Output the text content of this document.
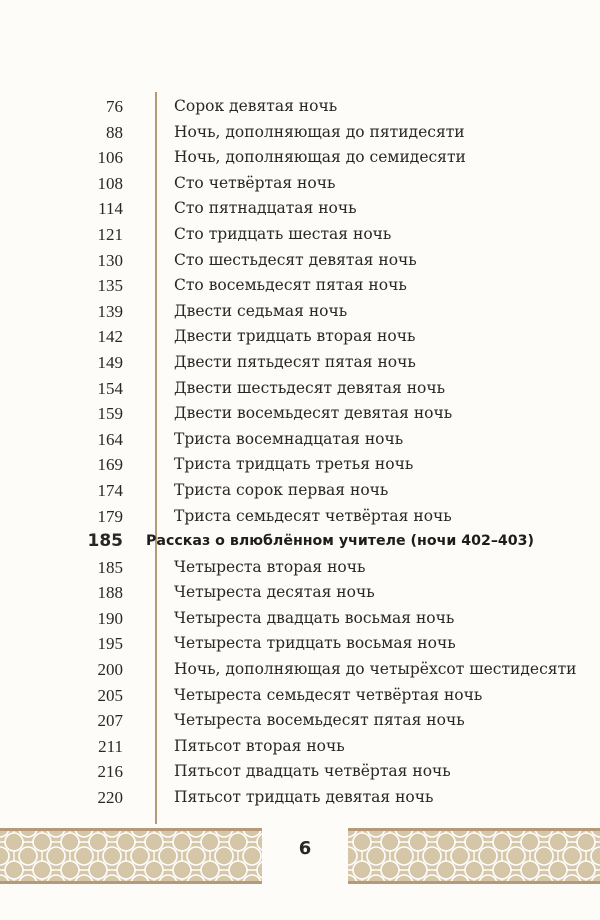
76	Сорок девятая ночь
88	Ночь, дополняющая до пятидесяти
106	Ночь, дополняющая до семидесяти
108	Сто четвёртая ночь
114	Сто пятнадцатая ночь
121	Сто тридцать шестая ночь
130	Сто шестьдесят девятая ночь
135	Сто восемьдесят пятая ночь
139	Двести седьмая ночь
142	Двести тридцать вторая ночь
149	Двести пятьдесят пятая ночь
154	Двести шестьдесят девятая ночь
159	Двести восемьдесят девятая ночь
164	Триста восемнадцатая ночь
169	Триста тридцать третья ночь
174	Триста сорок первая ночь
179	Триста семьдесят четвёртая ночь
185 Рассказ о влюблённом учителе (ночи 402–403)
185	Четыреста вторая ночь
188	Четыреста десятая ночь
190	Четыреста двадцать восьмая ночь
195	Четыреста тридцать восьмая ночь
200	Ночь, дополняющая до четырёхсот шестидесяти
205	Четыреста семьдесят четвёртая ночь
207	Четыреста восемьдесят пятая ночь
211	Пятьсот вторая ночь
216	Пятьсот двадцать четвёртая ночь
220	Пятьсот тридцать девятая ночь
6
